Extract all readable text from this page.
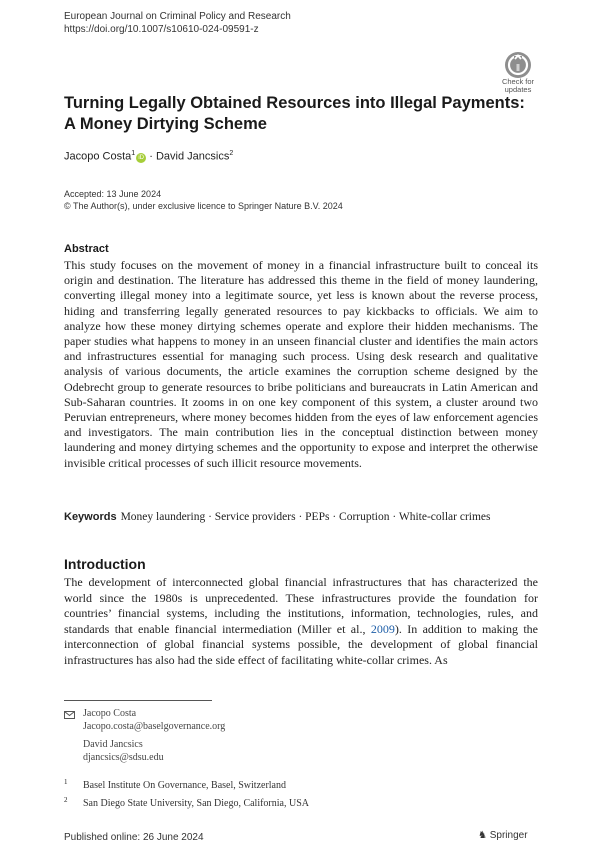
European Journal on Criminal Policy and Research
https://doi.org/10.1007/s10610-024-09591-z
Check for
updates
Turning Legally Obtained Resources into Illegal Payments:
A Money Dirtying Scheme
Jacopo Costa$^1$iD · David Jancsics$^2$
Accepted: 13 June 2024
© The Author(s), under exclusive licence to Springer Nature B.V. 2024
Abstract
This study focuses on the movement of money in a financial infrastructure built to conceal its origin and destination. The literature has addressed this theme in the field of money laundering, converting illegal money into a legitimate source, yet less is known about the reverse process, hiding and transferring legally generated resources to pay kickbacks to officials. We aim to analyze how these money dirtying schemes operate and explore their hidden mechanisms. The paper studies what happens to money in an unseen financial cluster and identifies the main actors and infrastructures essential for managing such process. Using desk research and qualitative analysis of various documents, the article examines the corruption scheme designed by the Odebrecht group to generate resources to bribe politicians and bureaucrats in Latin American and Sub-Saharan countries. It zooms in on one key component of this system, a cluster around two Peruvian entrepreneurs, where money becomes hidden from the eyes of law enforcement agencies and investigators. The main contribution lies in the conceptual distinction between money laundering and money dirtying schemes and the opportunity to expose and interpret the otherwise invisible critical processes of such illicit resource movements.
Keywords Money laundering · Service providers · PEPs · Corruption · White-collar crimes
Introduction
The development of interconnected global financial infrastructures that has characterized the world since the 1980s is unprecedented. These infrastructures provide the foundation for countries’ financial systems, including the institutions, information, technologies, rules, and standards that enable financial intermediation (Miller et al., 2009). In addition to making the interconnection of global financial systems possible, the development of global financial infrastructures has also had the side effect of facilitating white-collar crimes. As
Jacopo Costa
Jacopo.costa@baselgovernance.org
David Jancsics
djancsics@sdsu.edu
1 Basel Institute On Governance, Basel, Switzerland
2 San Diego State University, San Diego, California, USA
Published online: 26 June 2024	♞ Springer
